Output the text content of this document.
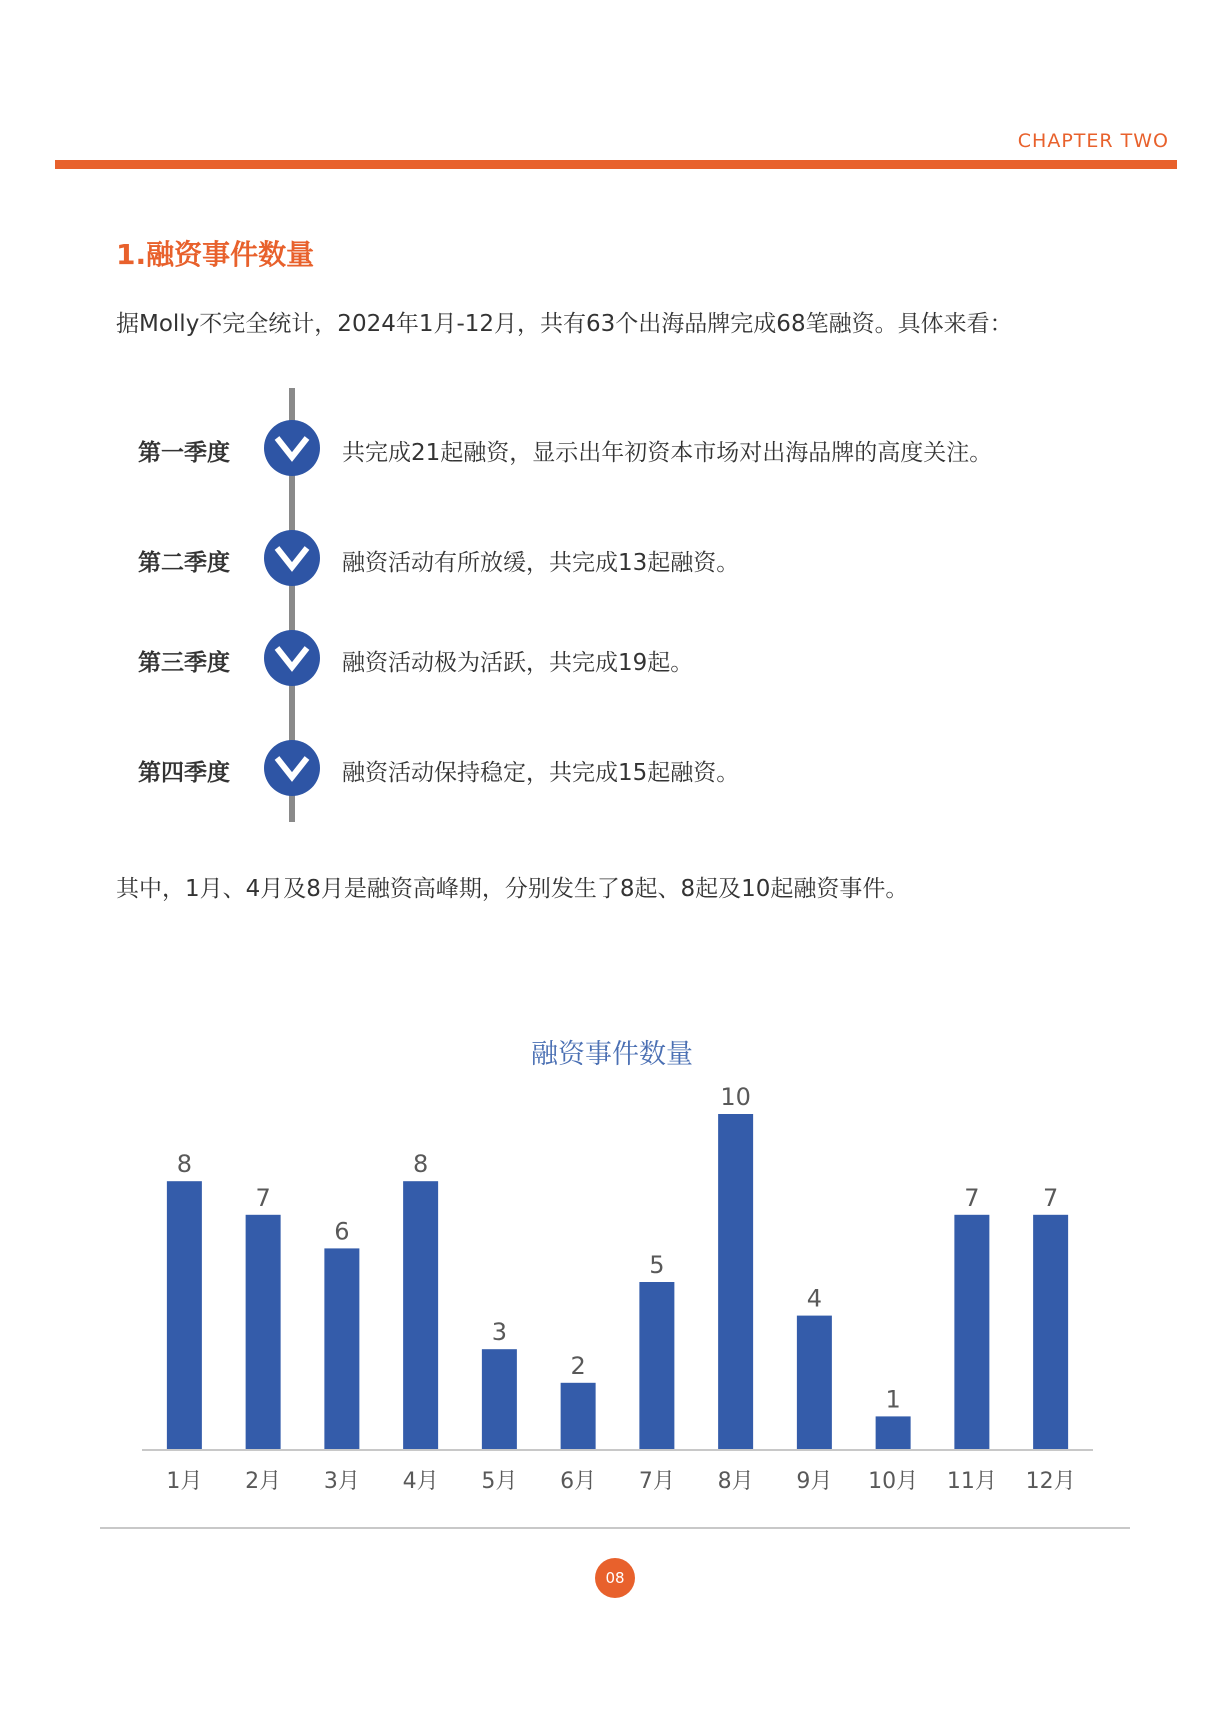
CHAPTER TWO
1.融资事件数量
据Molly不完全统计，2024年1月-12月，共有63个出海品牌完成68笔融资。具体来看：
第一季度	共完成21起融资，显示出年初资本市场对出海品牌的高度关注。
第二季度	融资活动有所放缓，共完成13起融资。
第三季度	融资活动极为活跃，共完成19起。
第四季度	融资活动保持稳定，共完成15起融资。
其中，1月、4月及8月是融资高峰期，分别发生了8起、8起及10起融资事件。
融资事件数量
8
1月
7
2月
6
3月
8
4月
3
5月
2
6月
5
7月
10
8月
4
9月
1
10月
7
11月
7
12月
08
